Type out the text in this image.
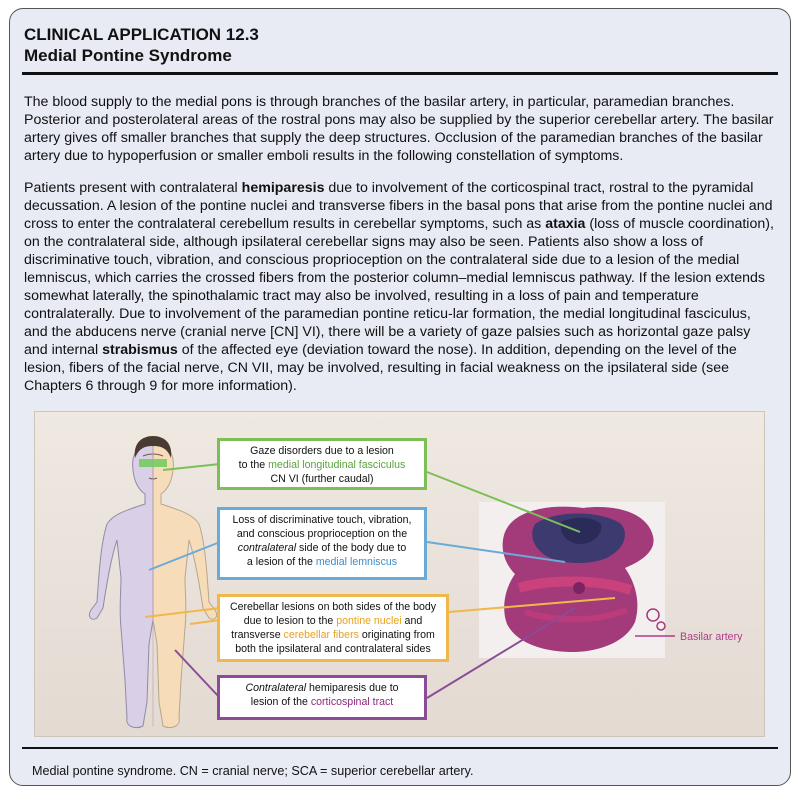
CLINICAL APPLICATION 12.3
Medial Pontine Syndrome

The blood supply to the medial pons is through branches of the basilar artery, in particular, paramedian branches. Posterior and posterolateral areas of the rostral pons may also be supplied by the superior cerebellar artery. The basilar artery gives off smaller branches that supply the deep structures. Occlusion of the paramedian branches of the basilar artery due to hypoperfusion or smaller emboli results in the following constellation of symptoms.

Patients present with contralateral hemiparesis due to involvement of the corticospinal tract, rostral to the pyramidal decussation. A lesion of the pontine nuclei and transverse fibers in the basal pons that arise from the pontine nuclei and cross to enter the contralateral cerebellum results in cerebellar symptoms, such as ataxia (loss of muscle coordination), on the contralateral side, although ipsilateral cerebellar signs may also be seen. Patients also show a loss of discriminative touch, vibration, and conscious proprioception on the contralateral side due to a lesion of the medial lemniscus, which carries the crossed fibers from the posterior column–medial lemniscus pathway. If the lesion extends somewhat laterally, the spinothalamic tract may also be involved, resulting in a loss of pain and temperature contralaterally. Due to involvement of the paramedian pontine reticu-lar formation, the medial longitudinal fasciculus, and the abducens nerve (cranial nerve [CN] VI), there will be a variety of gaze palsies such as horizontal gaze palsy and internal strabismus of the affected eye (deviation toward the nose). In addition, depending on the level of the lesion, fibers of the facial nerve, CN VII, may be involved, resulting in facial weakness on the ipsilateral side (see Chapters 6 through 9 for more information).

Gaze disorders due to a lesion
to the medial longitudinal fasciculus
CN VI (further caudal)
Loss of discriminative touch, vibration,
and conscious proprioception on the
contralateral side of the body due to
a lesion of the medial lemniscus
Cerebellar lesions on both sides of the body
due to lesion to the pontine nuclei and
transverse cerebellar fibers originating from
both the ipsilateral and contralateral sides
Contralateral hemiparesis due to
lesion of the corticospinal tract
Basilar artery
Medial pontine syndrome. CN = cranial nerve; SCA = superior cerebellar artery.
